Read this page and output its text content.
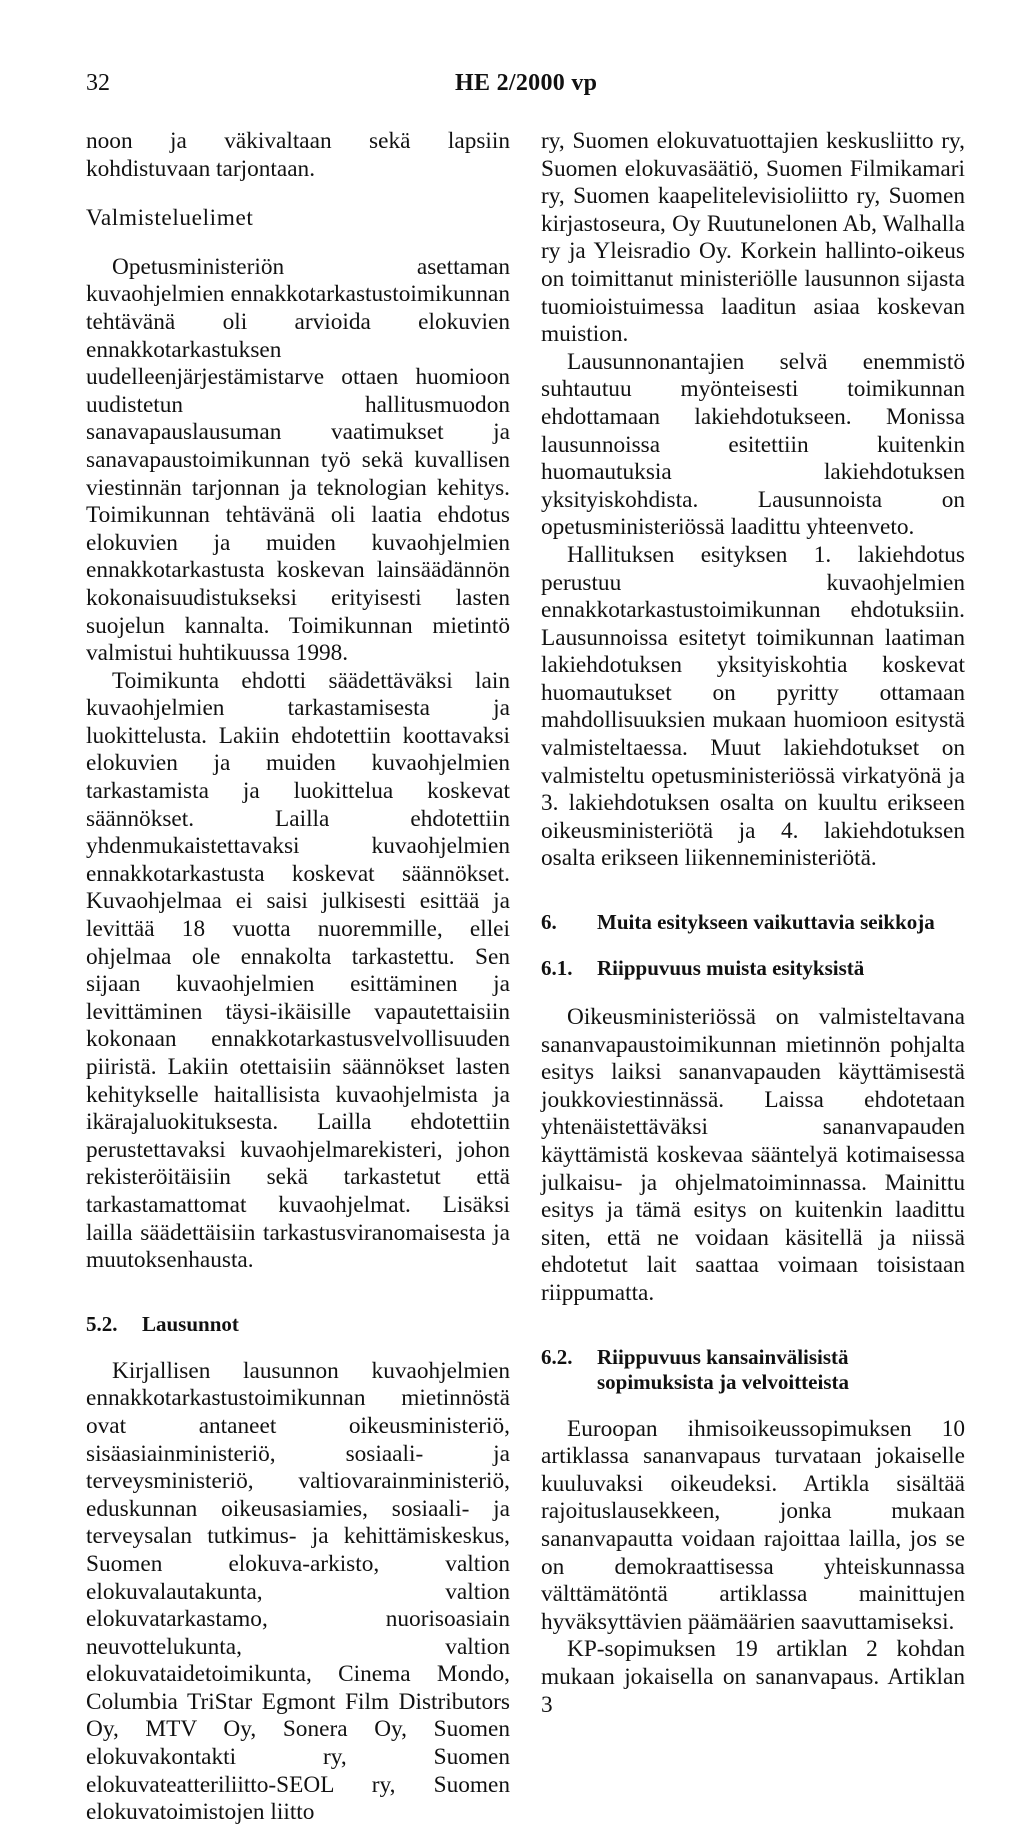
32	HE 2/2000 vp

noon ja väkivaltaan sekä lapsiin kohdistuvaan tarjontaan.

Valmisteluelimet

Opetusministeriön asettaman kuvaohjelmien ennakkotarkastustoimikunnan tehtävänä oli arvioida elokuvien ennakkotarkastuksen uudelleenjärjestämistarve ottaen huomioon uudistetun hallitusmuodon sanavapauslausuman vaatimukset ja sanavapaustoimikunnan työ sekä kuvallisen viestinnän tarjonnan ja teknologian kehitys. Toimikunnan tehtävänä oli laatia ehdotus elokuvien ja muiden kuvaohjelmien ennakkotarkastusta koskevan lainsäädännön kokonaisuudistukseksi erityisesti lasten suojelun kannalta. Toimikunnan mietintö valmistui huhtikuussa 1998.

Toimikunta ehdotti säädettäväksi lain kuvaohjelmien tarkastamisesta ja luokittelusta. Lakiin ehdotettiin koottavaksi elokuvien ja muiden kuvaohjelmien tarkastamista ja luokittelua koskevat säännökset. Lailla ehdotettiin yhdenmukaistettavaksi kuvaohjelmien ennakkotarkastusta koskevat säännökset. Kuvaohjelmaa ei saisi julkisesti esittää ja levittää 18 vuotta nuoremmille, ellei ohjelmaa ole ennakolta tarkastettu. Sen sijaan kuvaohjelmien esittäminen ja levittäminen täysi-ikäisille vapautettaisiin kokonaan ennakkotarkastusvelvollisuuden piiristä. Lakiin otettaisiin säännökset lasten kehitykselle haitallisista kuvaohjelmista ja ikärajaluokituksesta. Lailla ehdotettiin perustettavaksi kuvaohjelmarekisteri, johon rekisteröitäisiin sekä tarkastetut että tarkastamattomat kuvaohjelmat. Lisäksi lailla säädettäisiin tarkastusviranomaisesta ja muutoksenhausta.

5.2.	Lausunnot

Kirjallisen lausunnon kuvaohjelmien ennakkotarkastustoimikunnan mietinnöstä ovat antaneet oikeusministeriö, sisäasiainministeriö, sosiaali- ja terveysministeriö, valtiovarainministeriö, eduskunnan oikeusasiamies, sosiaali- ja terveysalan tutkimus- ja kehittämiskeskus, Suomen elokuva-arkisto, valtion elokuvalautakunta, valtion elokuvatarkastamo, nuorisoasiain neuvottelukunta, valtion elokuvataidetoimikunta, Cinema Mondo, Columbia TriStar Egmont Film Distributors Oy, MTV Oy, Sonera Oy, Suomen elokuvakontakti ry, Suomen elokuvateatteriliitto-SEOL ry, Suomen elokuvatoimistojen liitto

ry, Suomen elokuvatuottajien keskusliitto ry, Suomen elokuvasäätiö, Suomen Filmikamari ry, Suomen kaapelitelevisioliitto ry, Suomen kirjastoseura, Oy Ruutunelonen Ab, Walhalla ry ja Yleisradio Oy. Korkein hallinto-oikeus on toimittanut ministeriölle lausunnon sijasta tuomioistuimessa laaditun asiaa koskevan muistion.

Lausunnonantajien selvä enemmistö suhtautuu myönteisesti toimikunnan ehdottamaan lakiehdotukseen. Monissa lausunnoissa esitettiin kuitenkin huomautuksia lakiehdotuksen yksityiskohdista. Lausunnoista on opetusministeriössä laadittu yhteenveto.

Hallituksen esityksen 1. lakiehdotus perustuu kuvaohjelmien ennakkotarkastustoimikunnan ehdotuksiin. Lausunnoissa esitetyt toimikunnan laatiman lakiehdotuksen yksityiskohtia koskevat huomautukset on pyritty ottamaan mahdollisuuksien mukaan huomioon esitystä valmisteltaessa. Muut lakiehdotukset on valmisteltu opetusministeriössä virkatyönä ja 3. lakiehdotuksen osalta on kuultu erikseen oikeusministeriötä ja 4. lakiehdotuksen osalta erikseen liikenneministeriötä.

6.	Muita esitykseen vaikuttavia seikkoja
6.1.	Riippuvuus muista esityksistä

Oikeusministeriössä on valmisteltavana sananvapaustoimikunnan mietinnön pohjalta esitys laiksi sananvapauden käyttämisestä joukkoviestinnässä. Laissa ehdotetaan yhtenäistettäväksi sananvapauden käyttämistä koskevaa sääntelyä kotimaisessa julkaisu- ja ohjelmatoiminnassa. Mainittu esitys ja tämä esitys on kuitenkin laadittu siten, että ne voidaan käsitellä ja niissä ehdotetut lait saattaa voimaan toisistaan riippumatta.

6.2.	Riippuvuus kansainvälisistä sopimuksista ja velvoitteista

Euroopan ihmisoikeussopimuksen 10 artiklassa sananvapaus turvataan jokaiselle kuuluvaksi oikeudeksi. Artikla sisältää rajoituslausekkeen, jonka mukaan sananvapautta voidaan rajoittaa lailla, jos se on demokraattisessa yhteiskunnassa välttämätöntä artiklassa mainittujen hyväksyttävien päämäärien saavuttamiseksi.

KP-sopimuksen 19 artiklan 2 kohdan mukaan jokaisella on sananvapaus. Artiklan 3
